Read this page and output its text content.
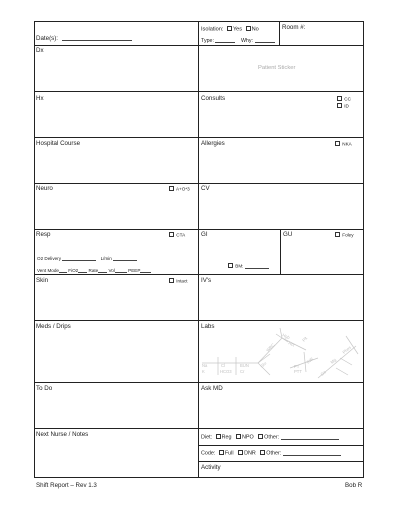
Date(s):
Isolation: Yes No
Type:	Why:
Room #:
Dx
Hx
Hospital Course
Neuro	A+O*3
Resp	CTA
O2 Delivery	L/min
Vent Mode FiO2 Rate Vol	PEEP
Skin	Intact
Meds / Drips
To Do
Next Nurse / Notes
Patient Sticker
Consults	CC
ID
Allergies	NKA
CV
GI
BM:
GU	Foley
IV's
Labs
Na
K
Cl
HCO3
BUN
Cr
Glu
WBC
Hgb
Hct
Plt
PT
PTT
INR
Ca
Mg
Phos
Ask MD
Diet: Reg NPO Other:
Code: Full DNR Other:
Activity
Shift Report – Rev 1.3	Bob R
